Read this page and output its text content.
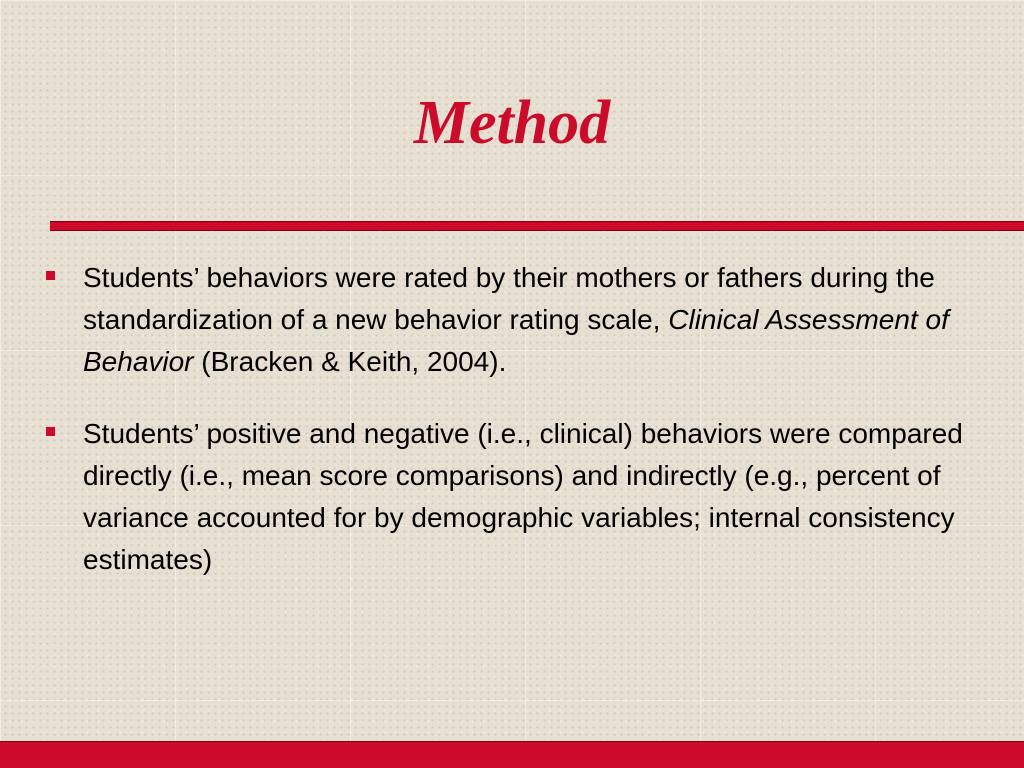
Method
Students’ behaviors were rated by their mothers or fathers during the standardization of a new behavior rating scale, Clinical Assessment of Behavior (Bracken & Keith, 2004).
Students’ positive and negative (i.e., clinical) behaviors were compared directly (i.e., mean score comparisons) and indirectly (e.g., percent of variance accounted for by demographic variables; internal consistency estimates)
